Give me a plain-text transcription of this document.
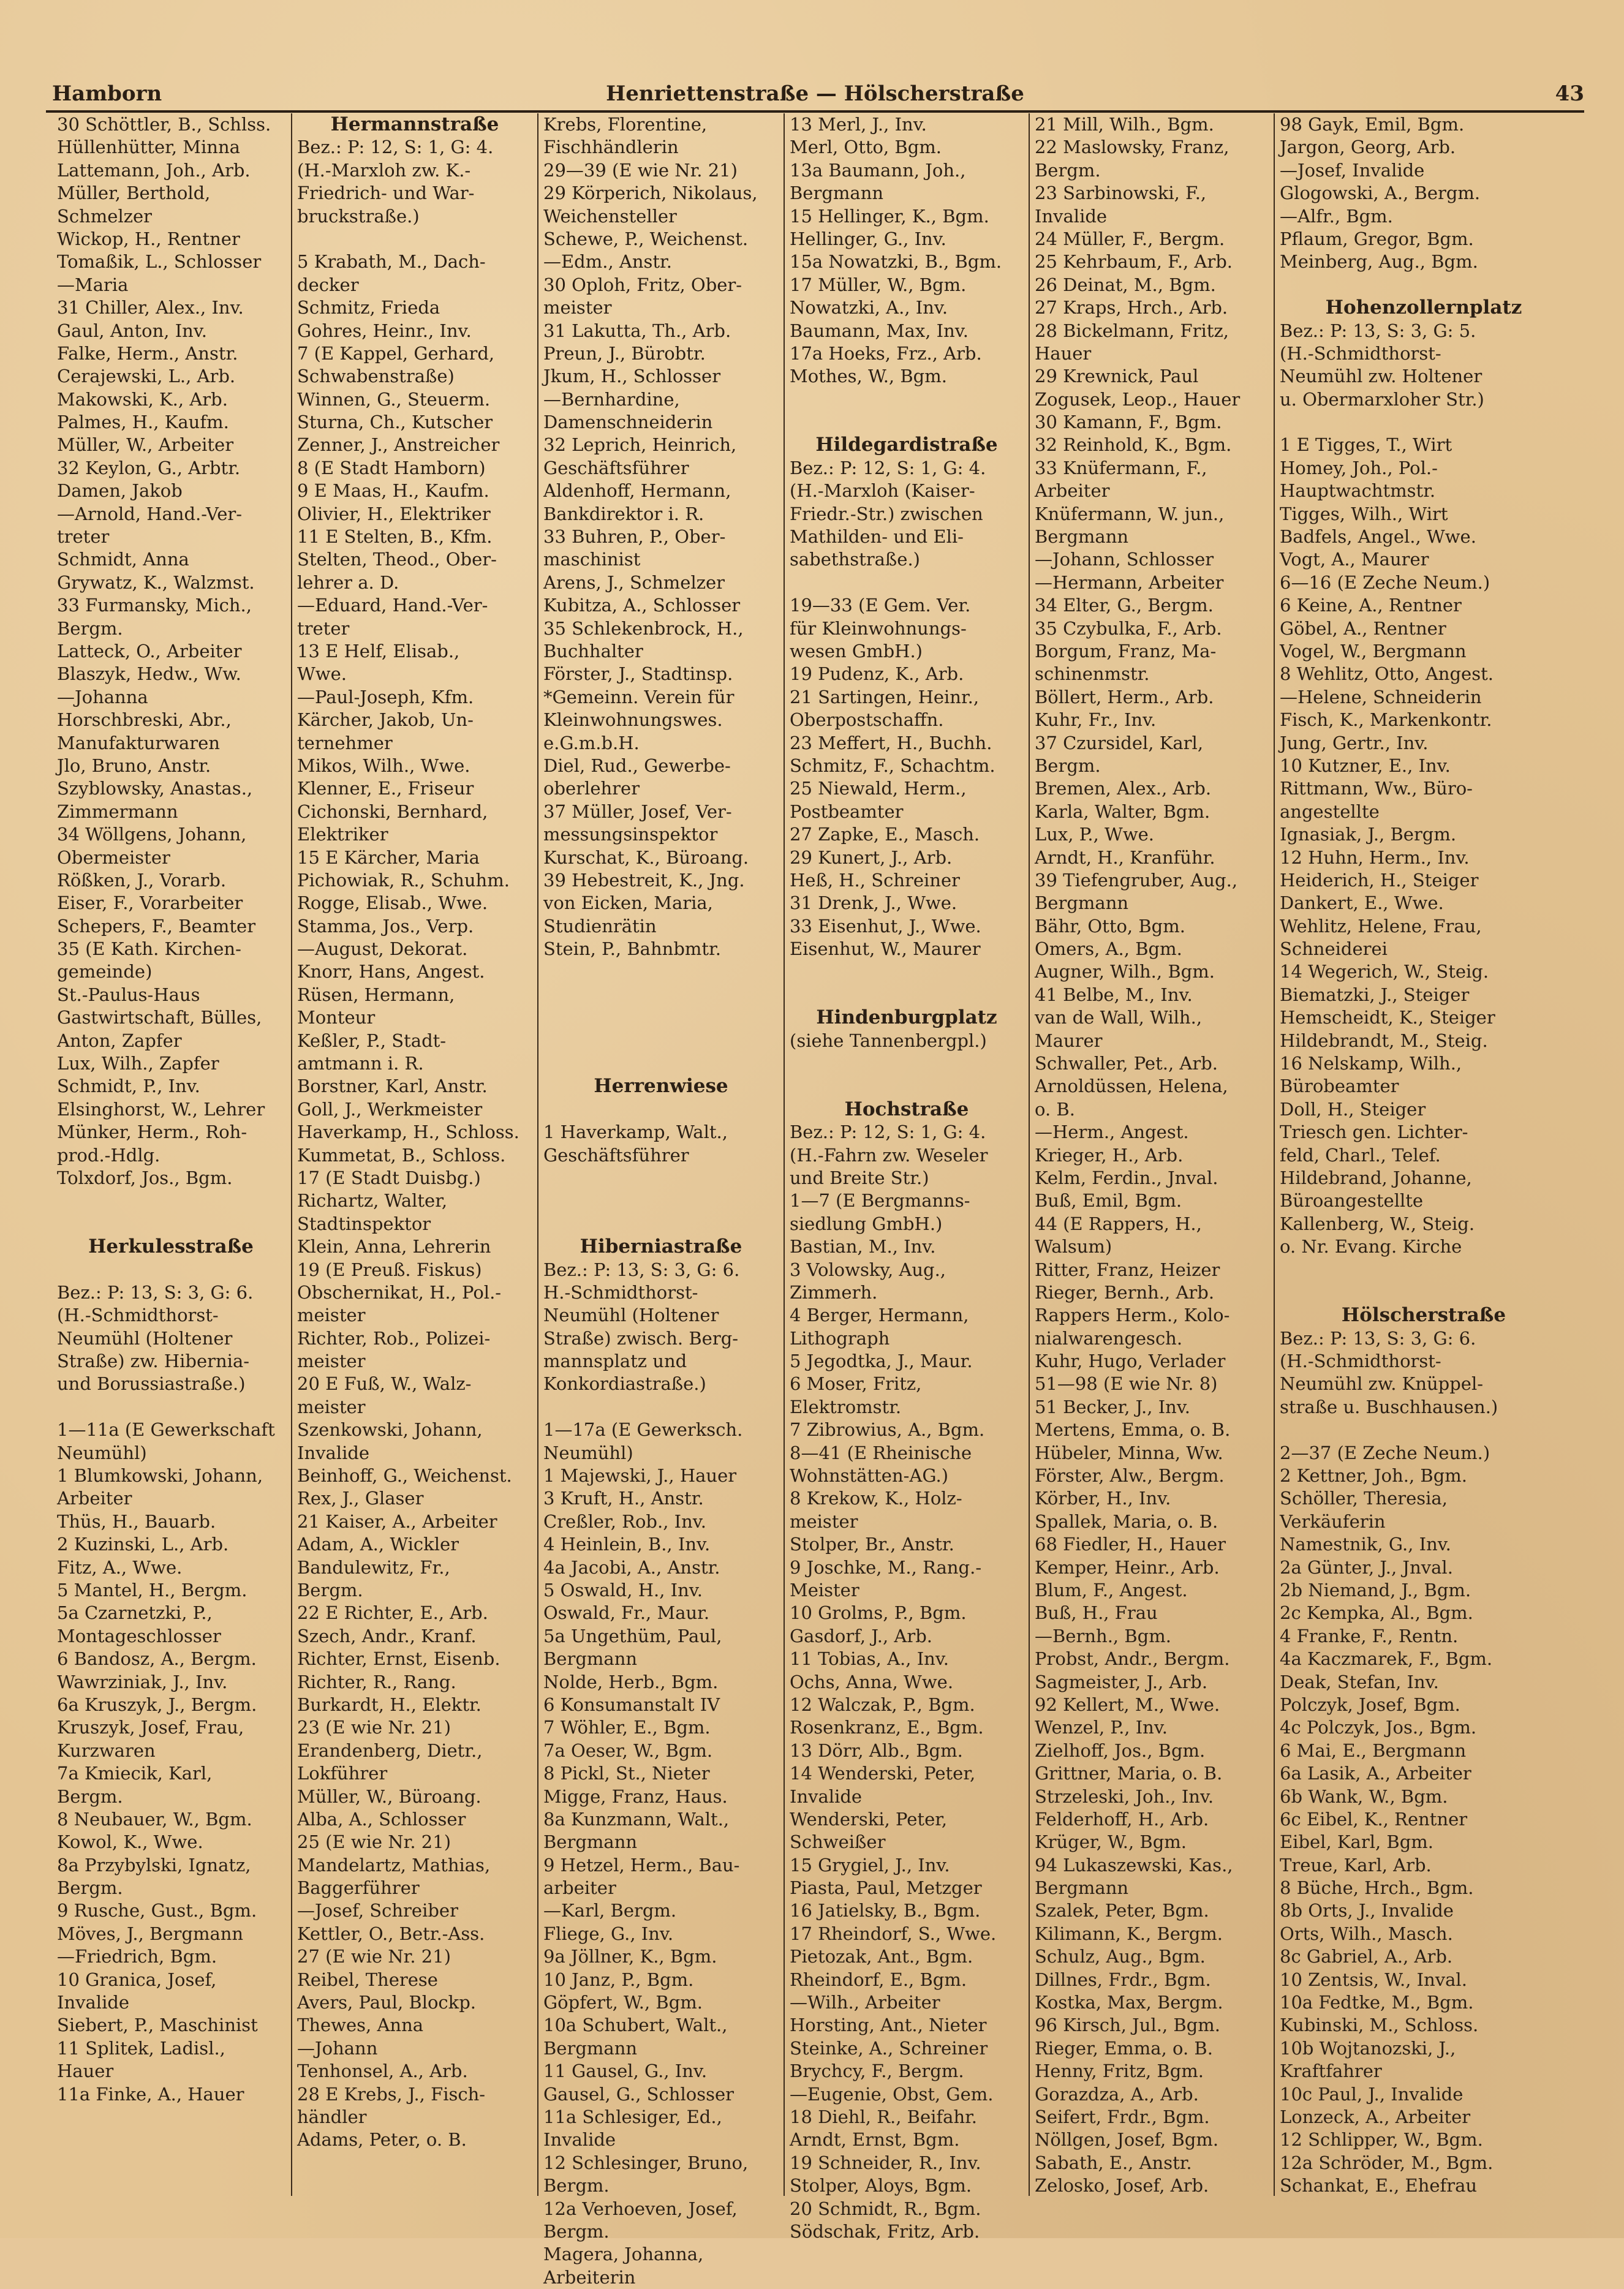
Hamborn	Henriettenstraße — Hölscherstraße	43
30 Schöttler, B., Schlss.
Hüllenhütter, Minna
Lattemann, Joh., Arb.
Müller, Berthold,
Schmelzer
Wickop, H., Rentner
Tomaßik, L., Schlosser
—Maria
31 Chiller, Alex., Inv.
Gaul, Anton, Inv.
Falke, Herm., Anstr.
Cerajewski, L., Arb.
Makowski, K., Arb.
Palmes, H., Kaufm.
Müller, W., Arbeiter
32 Keylon, G., Arbtr.
Damen, Jakob
—Arnold, Hand.-Ver-
treter
Schmidt, Anna
Grywatz, K., Walzmst.
33 Furmansky, Mich.,
Bergm.
Latteck, O., Arbeiter
Blaszyk, Hedw., Ww.
—Johanna
Horschbreski, Abr.,
Manufakturwaren
Jlo, Bruno, Anstr.
Szyblowsky, Anastas.,
Zimmermann
34 Wöllgens, Johann,
Obermeister
Rößken, J., Vorarb.
Eiser, F., Vorarbeiter
Schepers, F., Beamter
35 (E Kath. Kirchen-
gemeinde)
St.-Paulus-Haus
Gastwirtschaft, Bülles,
Anton, Zapfer
Lux, Wilh., Zapfer
Schmidt, P., Inv.
Elsinghorst, W., Lehrer
Münker, Herm., Roh-
prod.-Hdlg.
Tolxdorf, Jos., Bgm.
Herkulesstraße
Bez.: P: 13, S: 3, G: 6.
(H.-Schmidthorst-
Neumühl (Holtener
Straße) zw. Hibernia-
und Borussiastraße.)
1—11a (E Gewerkschaft
Neumühl)
1 Blumkowski, Johann,
Arbeiter
Thüs, H., Bauarb.
2 Kuzinski, L., Arb.
Fitz, A., Wwe.
5 Mantel, H., Bergm.
5a Czarnetzki, P.,
Montageschlosser
6 Bandosz, A., Bergm.
Wawrziniak, J., Inv.
6a Kruszyk, J., Bergm.
Kruszyk, Josef, Frau,
Kurzwaren
7a Kmiecik, Karl,
Bergm.
8 Neubauer, W., Bgm.
Kowol, K., Wwe.
8a Przybylski, Ignatz,
Bergm.
9 Rusche, Gust., Bgm.
Möves, J., Bergmann
—Friedrich, Bgm.
10 Granica, Josef,
Invalide
Siebert, P., Maschinist
11 Splitek, Ladisl.,
Hauer
11a Finke, A., Hauer
Hermannstraße
Bez.: P: 12, S: 1, G: 4.
(H.-Marxloh zw. K.-
Friedrich- und War-
bruckstraße.)
5 Krabath, M., Dach-
decker
Schmitz, Frieda
Gohres, Heinr., Inv.
7 (E Kappel, Gerhard,
Schwabenstraße)
Winnen, G., Steuerm.
Sturna, Ch., Kutscher
Zenner, J., Anstreicher
8 (E Stadt Hamborn)
9 E Maas, H., Kaufm.
Olivier, H., Elektriker
11 E Stelten, B., Kfm.
Stelten, Theod., Ober-
lehrer a. D.
—Eduard, Hand.-Ver-
treter
13 E Helf, Elisab.,
Wwe.
—Paul-Joseph, Kfm.
Kärcher, Jakob, Un-
ternehmer
Mikos, Wilh., Wwe.
Klenner, E., Friseur
Cichonski, Bernhard,
Elektriker
15 E Kärcher, Maria
Pichowiak, R., Schuhm.
Rogge, Elisab., Wwe.
Stamma, Jos., Verp.
—August, Dekorat.
Knorr, Hans, Angest.
Rüsen, Hermann,
Monteur
Keßler, P., Stadt-
amtmann i. R.
Borstner, Karl, Anstr.
Goll, J., Werkmeister
Haverkamp, H., Schloss.
Kummetat, B., Schloss.
17 (E Stadt Duisbg.)
Richartz, Walter,
Stadtinspektor
Klein, Anna, Lehrerin
19 (E Preuß. Fiskus)
Obschernikat, H., Pol.-
meister
Richter, Rob., Polizei-
meister
20 E Fuß, W., Walz-
meister
Szenkowski, Johann,
Invalide
Beinhoff, G., Weichenst.
Rex, J., Glaser
21 Kaiser, A., Arbeiter
Adam, A., Wickler
Bandulewitz, Fr.,
Bergm.
22 E Richter, E., Arb.
Szech, Andr., Kranf.
Richter, Ernst, Eisenb.
Richter, R., Rang.
Burkardt, H., Elektr.
23 (E wie Nr. 21)
Erandenberg, Dietr.,
Lokführer
Müller, W., Büroang.
Alba, A., Schlosser
25 (E wie Nr. 21)
Mandelartz, Mathias,
Baggerführer
—Josef, Schreiber
Kettler, O., Betr.-Ass.
27 (E wie Nr. 21)
Reibel, Therese
Avers, Paul, Blockp.
Thewes, Anna
—Johann
Tenhonsel, A., Arb.
28 E Krebs, J., Fisch-
händler
Adams, Peter, o. B.
Krebs, Florentine,
Fischhändlerin
29—39 (E wie Nr. 21)
29 Körperich, Nikolaus,
Weichensteller
Schewe, P., Weichenst.
—Edm., Anstr.
30 Oploh, Fritz, Ober-
meister
31 Lakutta, Th., Arb.
Preun, J., Bürobtr.
Jkum, H., Schlosser
—Bernhardine,
Damenschneiderin
32 Leprich, Heinrich,
Geschäftsführer
Aldenhoff, Hermann,
Bankdirektor i. R.
33 Buhren, P., Ober-
maschinist
Arens, J., Schmelzer
Kubitza, A., Schlosser
35 Schlekenbrock, H.,
Buchhalter
Förster, J., Stadtinsp.
*Gemeinn. Verein für
Kleinwohnungswes.
e.G.m.b.H.
Diel, Rud., Gewerbe-
oberlehrer
37 Müller, Josef, Ver-
messungsinspektor
Kurschat, K., Büroang.
39 Hebestreit, K., Jng.
von Eicken, Maria,
Studienrätin
Stein, P., Bahnbmtr.
Herrenwiese
1 Haverkamp, Walt.,
Geschäftsführer
Hiberniastraße
Bez.: P: 13, S: 3, G: 6.
H.-Schmidthorst-
Neumühl (Holtener
Straße) zwisch. Berg-
mannsplatz und
Konkordiastraße.)
1—17a (E Gewerksch.
Neumühl)
1 Majewski, J., Hauer
3 Kruft, H., Anstr.
Creßler, Rob., Inv.
4 Heinlein, B., Inv.
4a Jacobi, A., Anstr.
5 Oswald, H., Inv.
Oswald, Fr., Maur.
5a Ungethüm, Paul,
Bergmann
Nolde, Herb., Bgm.
6 Konsumanstalt IV
7 Wöhler, E., Bgm.
7a Oeser, W., Bgm.
8 Pickl, St., Nieter
Migge, Franz, Haus.
8a Kunzmann, Walt.,
Bergmann
9 Hetzel, Herm., Bau-
arbeiter
—Karl, Bergm.
Fliege, G., Inv.
9a Jöllner, K., Bgm.
10 Janz, P., Bgm.
Göpfert, W., Bgm.
10a Schubert, Walt.,
Bergmann
11 Gausel, G., Inv.
Gausel, G., Schlosser
11a Schlesiger, Ed.,
Invalide
12 Schlesinger, Bruno,
Bergm.
12a Verhoeven, Josef,
Bergm.
Magera, Johanna,
Arbeiterin
13 Merl, J., Inv.
Merl, Otto, Bgm.
13a Baumann, Joh.,
Bergmann
15 Hellinger, K., Bgm.
Hellinger, G., Inv.
15a Nowatzki, B., Bgm.
17 Müller, W., Bgm.
Nowatzki, A., Inv.
Baumann, Max, Inv.
17a Hoeks, Frz., Arb.
Mothes, W., Bgm.
Hildegardistraße
Bez.: P: 12, S: 1, G: 4.
(H.-Marxloh (Kaiser-
Friedr.-Str.) zwischen
Mathilden- und Eli-
sabethstraße.)
19—33 (E Gem. Ver.
für Kleinwohnungs-
wesen GmbH.)
19 Pudenz, K., Arb.
21 Sartingen, Heinr.,
Oberpostschaffn.
23 Meffert, H., Buchh.
Schmitz, F., Schachtm.
25 Niewald, Herm.,
Postbeamter
27 Zapke, E., Masch.
29 Kunert, J., Arb.
Heß, H., Schreiner
31 Drenk, J., Wwe.
33 Eisenhut, J., Wwe.
Eisenhut, W., Maurer
Hindenburgplatz
(siehe Tannenbergpl.)
Hochstraße
Bez.: P: 12, S: 1, G: 4.
(H.-Fahrn zw. Weseler
und Breite Str.)
1—7 (E Bergmanns-
siedlung GmbH.)
Bastian, M., Inv.
3 Volowsky, Aug.,
Zimmerh.
4 Berger, Hermann,
Lithograph
5 Jegodtka, J., Maur.
6 Moser, Fritz,
Elektromstr.
7 Zibrowius, A., Bgm.
8—41 (E Rheinische
Wohnstätten-AG.)
8 Krekow, K., Holz-
meister
Stolper, Br., Anstr.
9 Joschke, M., Rang.-
Meister
10 Grolms, P., Bgm.
Gasdorf, J., Arb.
11 Tobias, A., Inv.
Ochs, Anna, Wwe.
12 Walczak, P., Bgm.
Rosenkranz, E., Bgm.
13 Dörr, Alb., Bgm.
14 Wenderski, Peter,
Invalide
Wenderski, Peter,
Schweißer
15 Grygiel, J., Inv.
Piasta, Paul, Metzger
16 Jatielsky, B., Bgm.
17 Rheindorf, S., Wwe.
Pietozak, Ant., Bgm.
Rheindorf, E., Bgm.
—Wilh., Arbeiter
Horsting, Ant., Nieter
Steinke, A., Schreiner
Brychcy, F., Bergm.
—Eugenie, Obst, Gem.
18 Diehl, R., Beifahr.
Arndt, Ernst, Bgm.
19 Schneider, R., Inv.
Stolper, Aloys, Bgm.
20 Schmidt, R., Bgm.
Södschak, Fritz, Arb.
21 Mill, Wilh., Bgm.
22 Maslowsky, Franz,
Bergm.
23 Sarbinowski, F.,
Invalide
24 Müller, F., Bergm.
25 Kehrbaum, F., Arb.
26 Deinat, M., Bgm.
27 Kraps, Hrch., Arb.
28 Bickelmann, Fritz,
Hauer
29 Krewnick, Paul
Zogusek, Leop., Hauer
30 Kamann, F., Bgm.
32 Reinhold, K., Bgm.
33 Knüfermann, F.,
Arbeiter
Knüfermann, W. jun.,
Bergmann
—Johann, Schlosser
—Hermann, Arbeiter
34 Elter, G., Bergm.
35 Czybulka, F., Arb.
Borgum, Franz, Ma-
schinenmstr.
Böllert, Herm., Arb.
Kuhr, Fr., Inv.
37 Czursidel, Karl,
Bergm.
Bremen, Alex., Arb.
Karla, Walter, Bgm.
Lux, P., Wwe.
Arndt, H., Kranführ.
39 Tiefengruber, Aug.,
Bergmann
Bähr, Otto, Bgm.
Omers, A., Bgm.
Augner, Wilh., Bgm.
41 Belbe, M., Inv.
van de Wall, Wilh.,
Maurer
Schwaller, Pet., Arb.
Arnoldüssen, Helena,
o. B.
—Herm., Angest.
Krieger, H., Arb.
Kelm, Ferdin., Jnval.
Buß, Emil, Bgm.
44 (E Rappers, H.,
Walsum)
Ritter, Franz, Heizer
Rieger, Bernh., Arb.
Rappers Herm., Kolo-
nialwarengesch.
Kuhr, Hugo, Verlader
51—98 (E wie Nr. 8)
51 Becker, J., Inv.
Mertens, Emma, o. B.
Hübeler, Minna, Ww.
Förster, Alw., Bergm.
Körber, H., Inv.
Spallek, Maria, o. B.
68 Fiedler, H., Hauer
Kemper, Heinr., Arb.
Blum, F., Angest.
Buß, H., Frau
—Bernh., Bgm.
Probst, Andr., Bergm.
Sagmeister, J., Arb.
92 Kellert, M., Wwe.
Wenzel, P., Inv.
Zielhoff, Jos., Bgm.
Grittner, Maria, o. B.
Strzeleski, Joh., Inv.
Felderhoff, H., Arb.
Krüger, W., Bgm.
94 Lukaszewski, Kas.,
Bergmann
Szalek, Peter, Bgm.
Kilimann, K., Bergm.
Schulz, Aug., Bgm.
Dillnes, Frdr., Bgm.
Kostka, Max, Bergm.
96 Kirsch, Jul., Bgm.
Rieger, Emma, o. B.
Henny, Fritz, Bgm.
Gorazdza, A., Arb.
Seifert, Frdr., Bgm.
Nöllgen, Josef, Bgm.
Sabath, E., Anstr.
Zelosko, Josef, Arb.
98 Gayk, Emil, Bgm.
Jargon, Georg, Arb.
—Josef, Invalide
Glogowski, A., Bergm.
—Alfr., Bgm.
Pflaum, Gregor, Bgm.
Meinberg, Aug., Bgm.
Hohenzollernplatz
Bez.: P: 13, S: 3, G: 5.
(H.-Schmidthorst-
Neumühl zw. Holtener
u. Obermarxloher Str.)
1 E Tigges, T., Wirt
Homey, Joh., Pol.-
Hauptwachtmstr.
Tigges, Wilh., Wirt
Badfels, Angel., Wwe.
Vogt, A., Maurer
6—16 (E Zeche Neum.)
6 Keine, A., Rentner
Göbel, A., Rentner
Vogel, W., Bergmann
8 Wehlitz, Otto, Angest.
—Helene, Schneiderin
Fisch, K., Markenkontr.
Jung, Gertr., Inv.
10 Kutzner, E., Inv.
Rittmann, Ww., Büro-
angestellte
Ignasiak, J., Bergm.
12 Huhn, Herm., Inv.
Heiderich, H., Steiger
Dankert, E., Wwe.
Wehlitz, Helene, Frau,
Schneiderei
14 Wegerich, W., Steig.
Biematzki, J., Steiger
Hemscheidt, K., Steiger
Hildebrandt, M., Steig.
16 Nelskamp, Wilh.,
Bürobeamter
Doll, H., Steiger
Triesch gen. Lichter-
feld, Charl., Telef.
Hildebrand, Johanne,
Büroangestellte
Kallenberg, W., Steig.
o. Nr. Evang. Kirche
Hölscherstraße
Bez.: P: 13, S: 3, G: 6.
(H.-Schmidthorst-
Neumühl zw. Knüppel-
straße u. Buschhausen.)
2—37 (E Zeche Neum.)
2 Kettner, Joh., Bgm.
Schöller, Theresia,
Verkäuferin
Namestnik, G., Inv.
2a Günter, J., Jnval.
2b Niemand, J., Bgm.
2c Kempka, Al., Bgm.
4 Franke, F., Rentn.
4a Kaczmarek, F., Bgm.
Deak, Stefan, Inv.
Polczyk, Josef, Bgm.
4c Polczyk, Jos., Bgm.
6 Mai, E., Bergmann
6a Lasik, A., Arbeiter
6b Wank, W., Bgm.
6c Eibel, K., Rentner
Eibel, Karl, Bgm.
Treue, Karl, Arb.
8 Büche, Hrch., Bgm.
8b Orts, J., Invalide
Orts, Wilh., Masch.
8c Gabriel, A., Arb.
10 Zentsis, W., Inval.
10a Fedtke, M., Bgm.
Kubinski, M., Schloss.
10b Wojtanozski, J.,
Kraftfahrer
10c Paul, J., Invalide
Lonzeck, A., Arbeiter
12 Schlipper, W., Bgm.
12a Schröder, M., Bgm.
Schankat, E., Ehefrau
